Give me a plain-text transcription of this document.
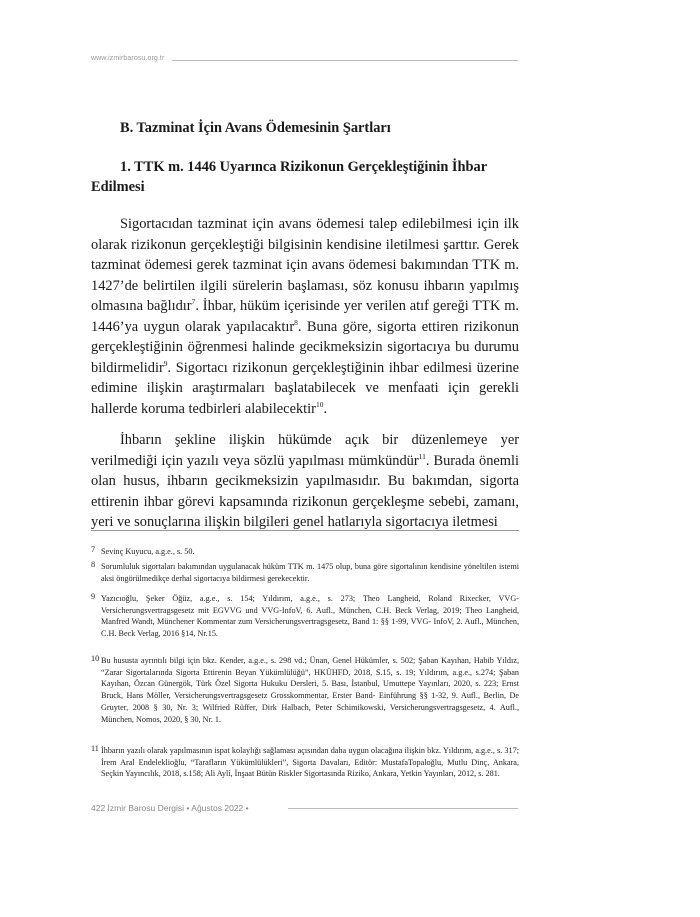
www.izmirbarosu.org.tr
B. Tazminat İçin Avans Ödemesinin Şartları
1. TTK m. 1446 Uyarınca Rizikonun Gerçekleştiğinin İhbar Edilmesi

Sigortacıdan tazminat için avans ödemesi talep edilebilmesi için ilk olarak rizikonun gerçekleştiği bilgisinin kendisine iletilmesi şarttır. Gerek tazminat ödemesi gerek tazminat için avans ödemesi bakımından TTK m. 1427’de belirtilen ilgili sürelerin başlaması, söz konusu ihbarın yapılmış olmasına bağlıdır$^7$. İhbar, hüküm içerisinde yer verilen atıf gereği TTK m. 1446’ya uygun olarak yapılacaktır$^8$. Buna göre, sigorta ettiren rizikonun gerçekleştiğinin öğrenmesi halinde gecikmeksizin sigortacıya bu durumu bildirmelidir$^9$. Sigortacı rizikonun gerçekleştiğinin ihbar edilmesi üzerine edimine ilişkin araştırmaları başlatabilecek ve menfaati için gerekli hallerde koruma tedbirleri alabilecektir$^{10}$.

İhbarın şekline ilişkin hükümde açık bir düzenlemeye yer verilmediği için yazılı veya sözlü yapılması mümkündür$^{11}$. Burada önemli olan husus, ihbarın gecikmeksizin yapılmasıdır. Bu bakımdan, sigorta ettirenin ihbar görevi kapsamında rizikonun gerçekleşme sebebi, zamanı, yeri ve sonuçlarına ilişkin bilgileri genel hatlarıyla sigortacıya iletmesi

7 Sevinç Kuyucu, a.g.e., s. 50.
8 Sorumluluk sigortaları bakımından uygulanacak hüküm TTK m. 1475 olup, buna göre sigortalının kendisine yöneltilen istemi aksi öngörülmedikçe derhal sigortacıya bildirmesi gerekecektir.
9 Yazıcıoğlu, Şeker Öğüz, a.g.e., s. 154; Yıldırım, a.g.e., s. 273; Theo Langheid, Roland Rixecker, VVG-Versicherungsvertragsgesetz mit EGVVG und VVG-InfoV, 6. Aufl., München, C.H. Beck Verlag, 2019; Theo Langheid, Manfred Wandt, Münchener Kommentar zum Versicherungsvertragsgesetz, Band 1: §§ 1-99, VVG- InfoV, 2. Aufl., München, C.H. Beck Verlag, 2016 §14, Nr.15.
10 Bu hususta ayrıntılı bilgi için bkz. Kender, a.g.e., s. 298 vd.; Ünan, Genel Hükümler, s. 502; Şaban Kayıhan, Habib Yıldız, “Zarar Sigortalarında Sigorta Ettirenin Beyan Yükümlülüğü”, HKÜHFD, 2018, S.15, s. 19; Yıldırım, a.g.e., s.274; Şaban Kayıhan, Özcan Günergök, Türk Özel Sigorta Hukuku Dersleri, 5. Bası, İstanbul, Umuttepe Yayınları, 2020, s. 223; Ernst Bruck, Hans Möller, Versicherungsvertragsgesetz Grosskommentar, Erster Band- Einführung §§ 1-32, 9. Aufl., Berlin, De Gruyter, 2008 § 30, Nr. 3; Wilfried Rüffer, Dirk Halbach, Peter Schimikowski, Versicherungsvertragsgesetz, 4. Aufl., München, Nomos, 2020, § 30, Nr. 1.
11 İhbarın yazılı olarak yapılmasının ispat kolaylığı sağlaması açısından daha uygun olacağına ilişkin bkz. Yıldırım, a.g.e., s. 317; İrem Aral Endeleklioğlu, “Tarafların Yükümlülükleri”, Sigorta Davaları, Editör: MustafaTopaloğlu, Mutlu Dinç, Ankara, Seçkin Yayıncılık, 2018, s.158; Ali Aylí, İnşaat Bütün Riskler Sigortasında Riziko, Ankara, Yetkin Yayınları, 2012, s. 281.
422 İzmir Barosu Dergisi • Ağustos 2022 •
